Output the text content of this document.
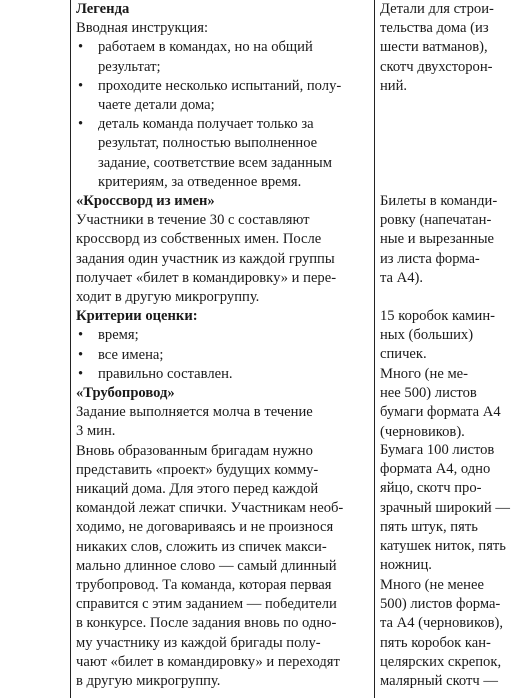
Легенда
Вводная инструкция:
• работаем в командах, но на общий
результат;
• проходите несколько испытаний, полу-
чаете детали дома;
• деталь команда получает только за
результат, полностью выполненное
задание, соответствие всем заданным
критериям, за отведенное время.
«Кроссворд из имен»
Участники в течение 30 с составляют
кроссворд из собственных имен. После
задания один участник из каждой группы
получает «билет в командировку» и пере-
ходит в другую микрогруппу.
Критерии оценки:
• время;
• все имена;
• правильно составлен.
«Трубопровод»
Задание выполняется молча в течение
3 мин.
Вновь образованным бригадам нужно
представить «проект» будущих комму-
никаций дома. Для этого перед каждой
командой лежат спички. Участникам необ-
ходимо, не договариваясь и не произнося
никаких слов, сложить из спичек макси-
мально длинное слово — самый длинный
трубопровод. Та команда, которая первая
справится с этим заданием — победители
в конкурсе. После задания вновь по одно-
му участнику из каждой бригады полу-
чают «билет в командировку» и переходят
в другую микрогруппу.
Детали для строи-
тельства дома (из
шести ватманов),
скотч двухсторон-
ний.
Билеты в команди-
ровку (напечатан-
ные и вырезанные
из листа форма-
та А4).
15 коробок камин-
ных (больших)
спичек.
Много (не ме-
нее 500) листов
бумаги формата А4
(черновиков).
Бумага 100 листов
формата А4, одно
яйцо, скотч про-
зрачный широкий —
пять штук, пять
катушек ниток, пять
ножниц.
Много (не менее
500) листов форма-
та А4 (черновиков),
пять коробок кан-
целярских скрепок,
малярный скотч —
